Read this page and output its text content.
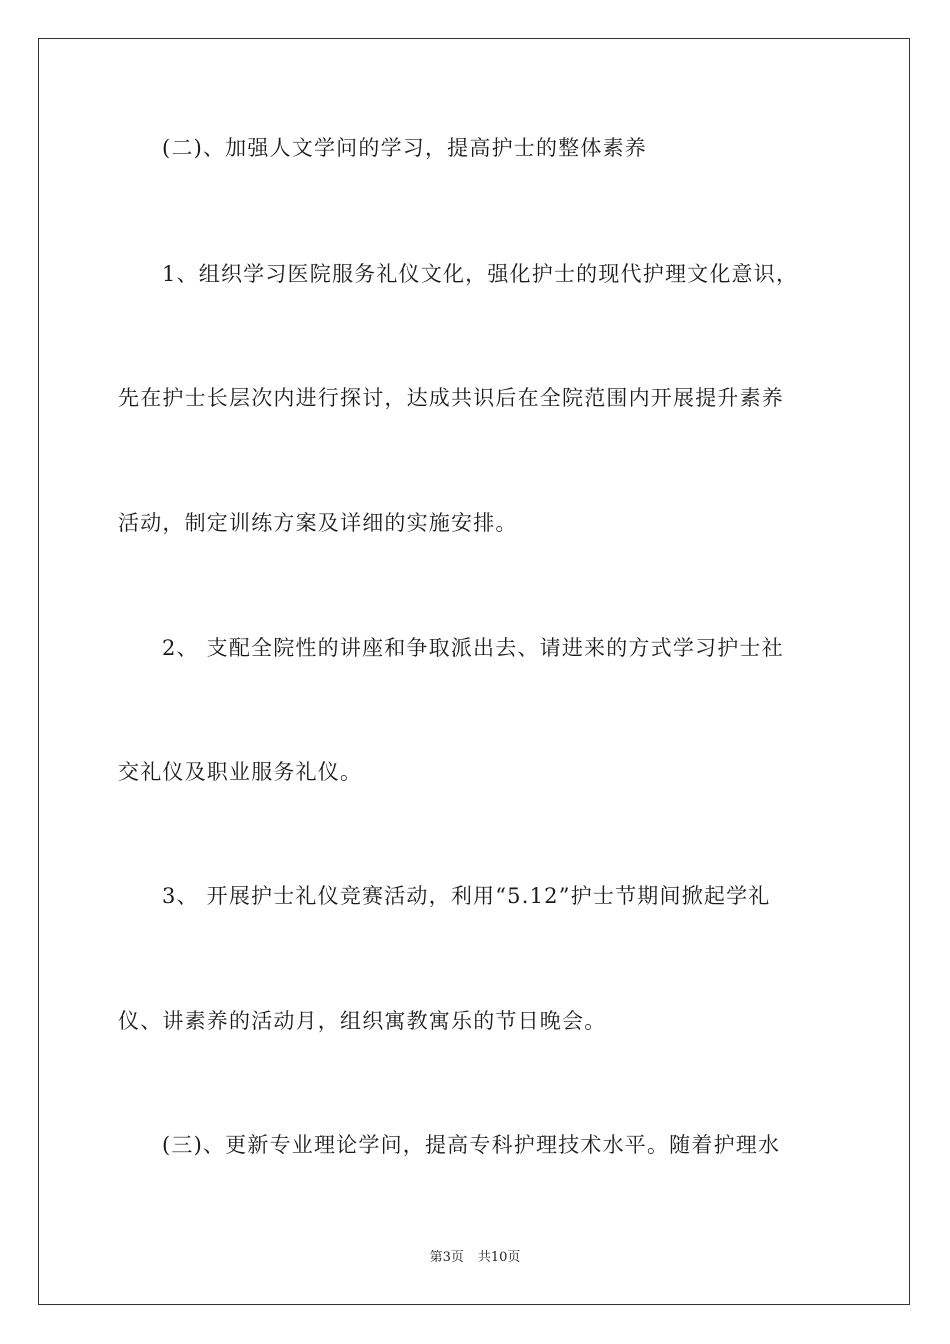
(二)、加强人文学问的学习，提高护士的整体素养
1、组织学习医院服务礼仪文化，强化护士的现代护理文化意识，
先在护士长层次内进行探讨，达成共识后在全院范围内开展提升素养
活动，制定训练方案及详细的实施安排。
2、 支配全院性的讲座和争取派出去、请进来的方式学习护士社
交礼仪及职业服务礼仪。
3、 开展护士礼仪竞赛活动，利用“5.12”护士节期间掀起学礼
仪、讲素养的活动月，组织寓教寓乐的节日晚会。
(三)、更新专业理论学问，提高专科护理技术水平。随着护理水
第3页 共10页
